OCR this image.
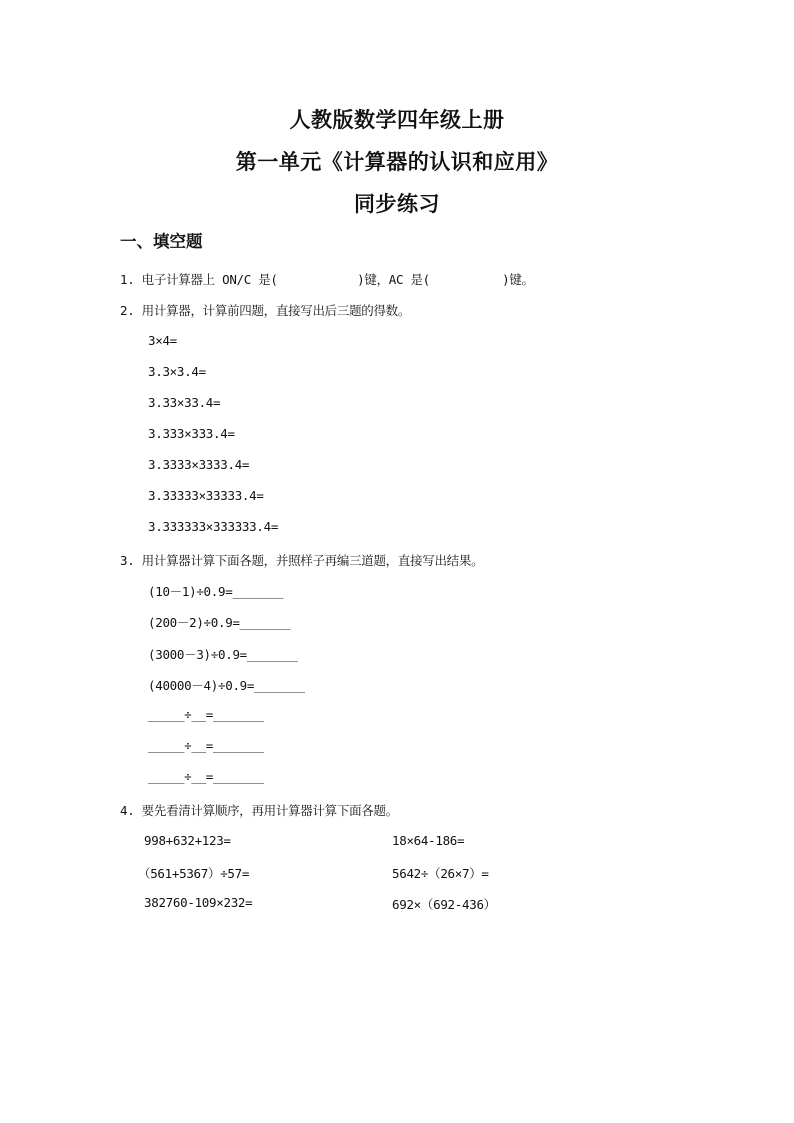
人教版数学四年级上册
第一单元《计算器的认识和应用》
同步练习
一、填空题
1. 电子计算器上 ON/C 是(           )键，AC 是(          )键。
2. 用计算器，计算前四题，直接写出后三题的得数。
3×4=
3.3×3.4=
3.33×33.4=
3.333×333.4=
3.3333×3333.4=
3.33333×33333.4=
3.333333×333333.4=
3. 用计算器计算下面各题，并照样子再编三道题，直接写出结果。
(10－1)÷0.9=_______
(200－2)÷0.9=_______
(3000－3)÷0.9=_______
(40000－4)÷0.9=_______
_____÷__=_______
_____÷__=_______
_____÷__=_______
4. 要先看清计算顺序，再用计算器计算下面各题。
998+632+123=
（561+5367）÷57=
382760-109×232=
18×64-186=
5642÷（26×7）=
692×（692-436）
